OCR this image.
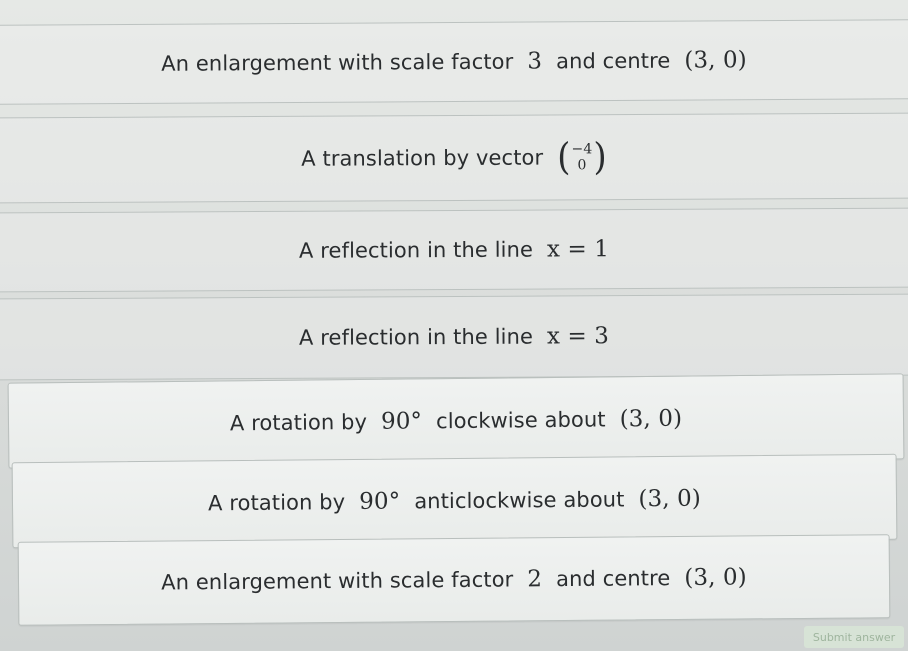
An enlargement with scale factor 3 and centre (3, 0)
A translation by vector ( −4
0 )
A reflection in the line x = 1
A reflection in the line x = 3
A rotation by 90° clockwise about (3, 0)
A rotation by 90° anticlockwise about (3, 0)
An enlargement with scale factor 2 and centre (3, 0)
Submit answer
